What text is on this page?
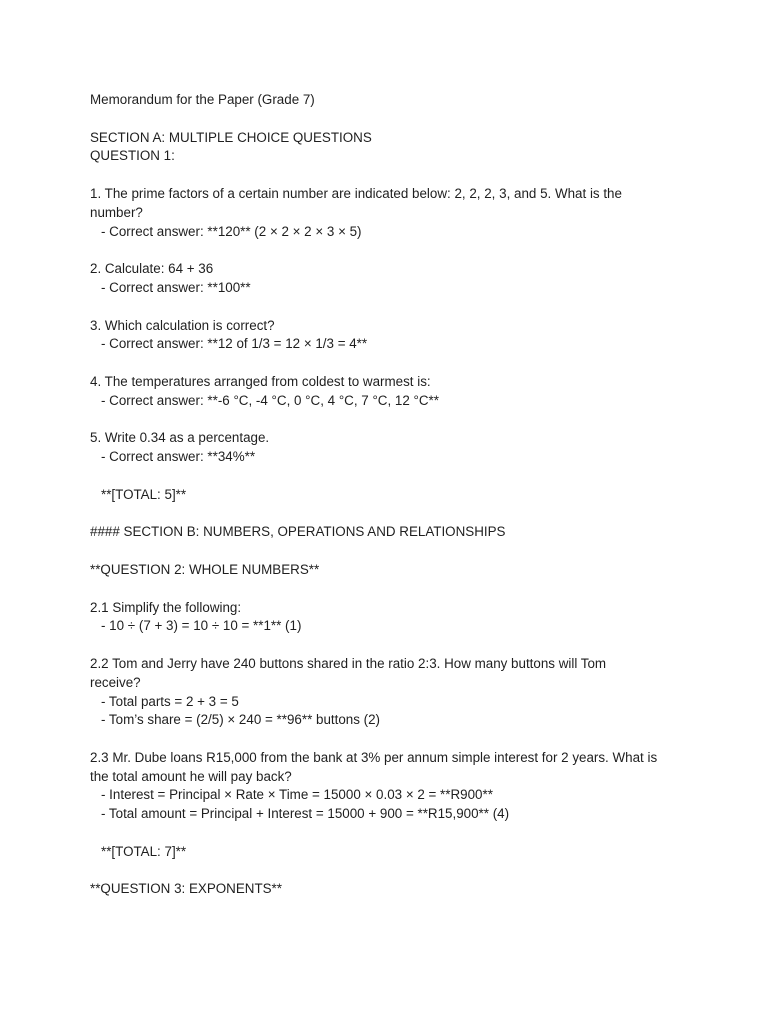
Memorandum for the Paper (Grade 7)

SECTION A: MULTIPLE CHOICE QUESTIONS

QUESTION 1:

1. The prime factors of a certain number are indicated below: 2, 2, 2, 3, and 5. What is the

number?

- Correct answer: **120** (2 × 2 × 2 × 3 × 5)

2. Calculate: 64 + 36

- Correct answer: **100**

3. Which calculation is correct?

- Correct answer: **12 of 1/3 = 12 × 1/3 = 4**

4. The temperatures arranged from coldest to warmest is:

- Correct answer: **-6 °C, -4 °C, 0 °C, 4 °C, 7 °C, 12 °C**

5. Write 0.34 as a percentage.

- Correct answer: **34%**

**[TOTAL: 5]**

#### SECTION B: NUMBERS, OPERATIONS AND RELATIONSHIPS

**QUESTION 2: WHOLE NUMBERS**

2.1 Simplify the following:

- 10 ÷ (7 + 3) = 10 ÷ 10 = **1** (1)

2.2 Tom and Jerry have 240 buttons shared in the ratio 2:3. How many buttons will Tom

receive?

- Total parts = 2 + 3 = 5

- Tom’s share = (2/5) × 240 = **96** buttons (2)

2.3 Mr. Dube loans R15,000 from the bank at 3% per annum simple interest for 2 years. What is

the total amount he will pay back?

- Interest = Principal × Rate × Time = 15000 × 0.03 × 2 = **R900**

- Total amount = Principal + Interest = 15000 + 900 = **R15,900** (4)

**[TOTAL: 7]**

**QUESTION 3: EXPONENTS**
